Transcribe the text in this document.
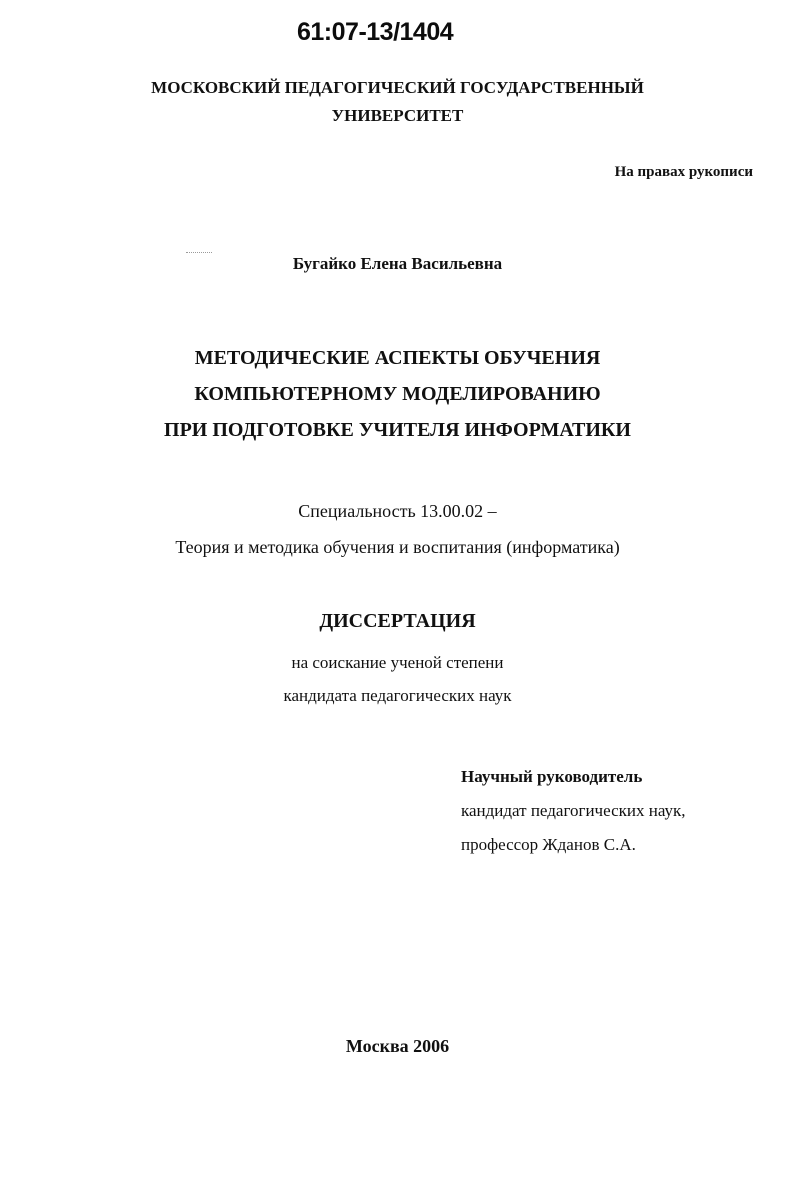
61:07-13/1404
МОСКОВСКИЙ ПЕДАГОГИЧЕСКИЙ ГОСУДАРСТВЕННЫЙ
УНИВЕРСИТЕТ
На правах рукописи
Бугайко Елена Васильевна
МЕТОДИЧЕСКИЕ АСПЕКТЫ ОБУЧЕНИЯ
КОМПЬЮТЕРНОМУ МОДЕЛИРОВАНИЮ
ПРИ ПОДГОТОВКЕ УЧИТЕЛЯ ИНФОРМАТИКИ
Специальность 13.00.02 –
Теория и методика обучения и воспитания (информатика)
ДИССЕРТАЦИЯ
на соискание ученой степени
кандидата педагогических наук
Научный руководитель
кандидат педагогических наук,
профессор Жданов С.А.
Москва 2006
